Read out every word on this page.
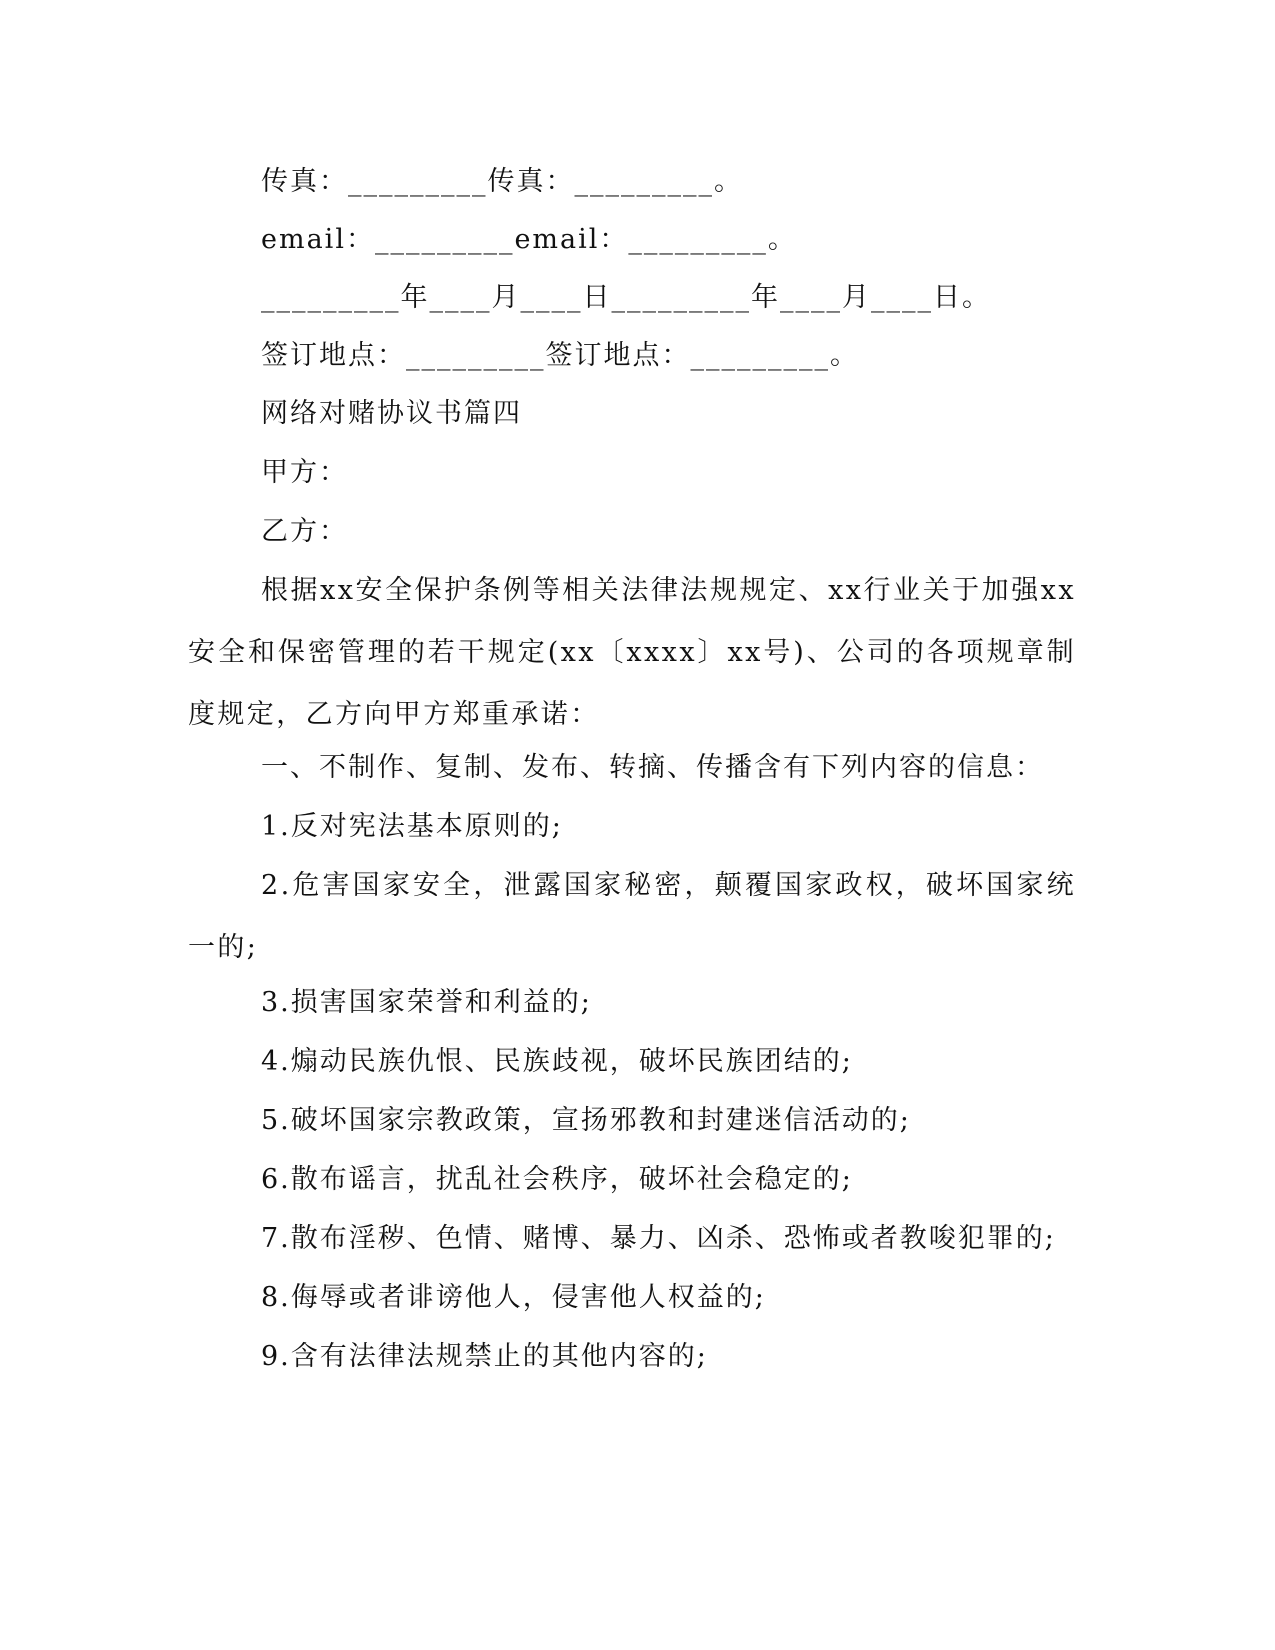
传真：_________传真：_________。
email：_________email：_________。
_________年____月____日_________年____月____日。
签订地点：_________签订地点：_________。
网络对赌协议书篇四
甲方：
乙方：
根据xx安全保护条例等相关法律法规规定、xx行业关于加强xx安全和保密管理的若干规定(xx〔xxxx〕xx号)、公司的各项规章制度规定，乙方向甲方郑重承诺：
一、不制作、复制、发布、转摘、传播含有下列内容的信息：
1.反对宪法基本原则的;
2.危害国家安全，泄露国家秘密，颠覆国家政权，破坏国家统一的;
3.损害国家荣誉和利益的;
4.煽动民族仇恨、民族歧视，破坏民族团结的;
5.破坏国家宗教政策，宣扬邪教和封建迷信活动的;
6.散布谣言，扰乱社会秩序，破坏社会稳定的;
7.散布淫秽、色情、赌博、暴力、凶杀、恐怖或者教唆犯罪的;
8.侮辱或者诽谤他人，侵害他人权益的;
9.含有法律法规禁止的其他内容的;
